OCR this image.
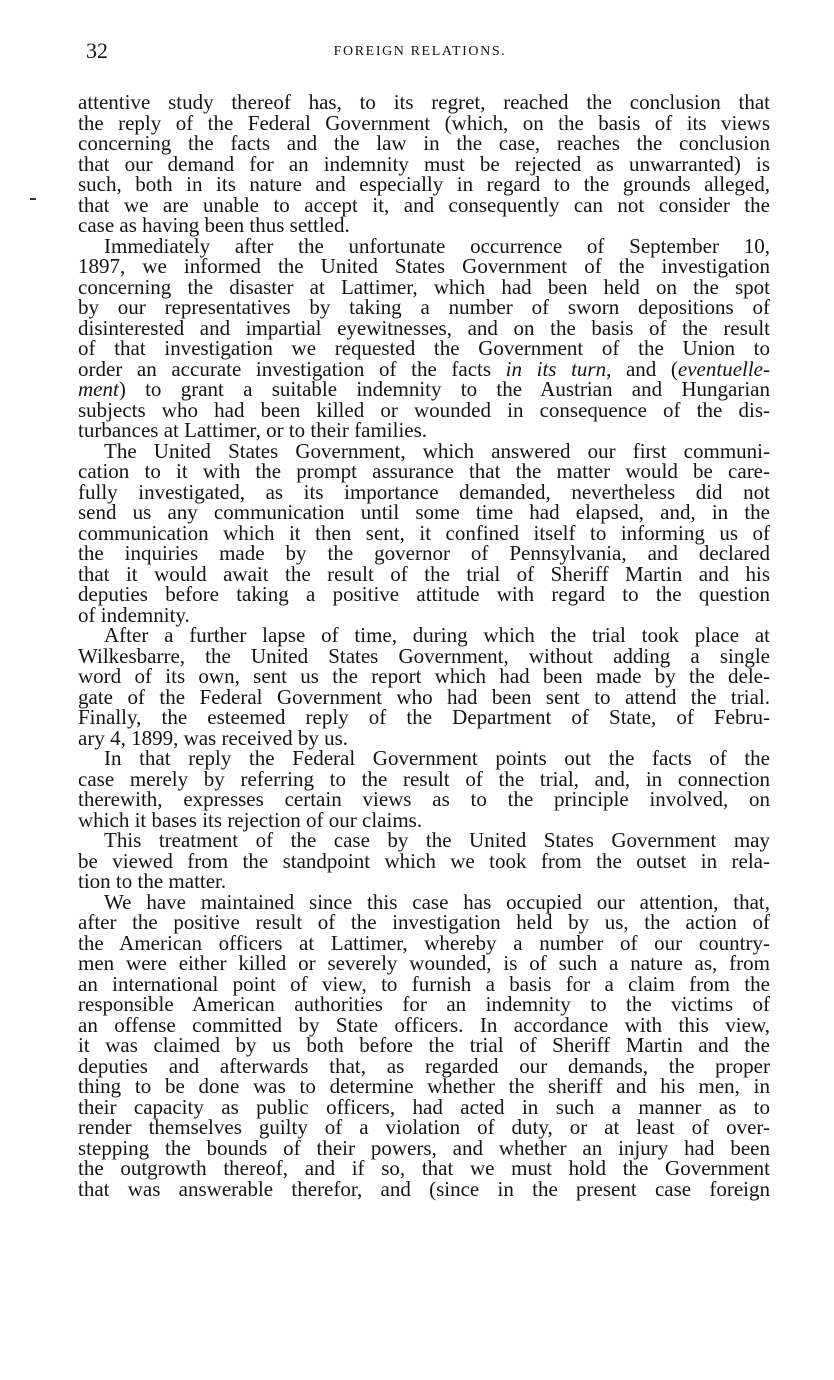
32	FOREIGN RELATIONS.
attentive study thereof has, to its regret, reached the conclusion that
the reply of the Federal Government (which, on the basis of its views
concerning the facts and the law in the case, reaches the conclusion
that our demand for an indemnity must be rejected as unwarranted) is
such, both in its nature and especially in regard to the grounds alleged,
that we are unable to accept it, and consequently can not consider the
case as having been thus settled.
Immediately after the unfortunate occurrence of September 10,
1897, we informed the United States Government of the investigation
concerning the disaster at Lattimer, which had been held on the spot
by our representatives by taking a number of sworn depositions of
disinterested and impartial eyewitnesses, and on the basis of the result
of that investigation we requested the Government of the Union to
order an accurate investigation of the facts in its turn, and (eventuelle-
ment) to grant a suitable indemnity to the Austrian and Hungarian
subjects who had been killed or wounded in consequence of the dis-
turbances at Lattimer, or to their families.
The United States Government, which answered our first communi-
cation to it with the prompt assurance that the matter would be care-
fully investigated, as its importance demanded, nevertheless did not
send us any communication until some time had elapsed, and, in the
communication which it then sent, it confined itself to informing us of
the inquiries made by the governor of Pennsylvania, and declared
that it would await the result of the trial of Sheriff Martin and his
deputies before taking a positive attitude with regard to the question
of indemnity.
After a further lapse of time, during which the trial took place at
Wilkesbarre, the United States Government, without adding a single
word of its own, sent us the report which had been made by the dele-
gate of the Federal Government who had been sent to attend the trial.
Finally, the esteemed reply of the Department of State, of Febru-
ary 4, 1899, was received by us.
In that reply the Federal Government points out the facts of the
case merely by referring to the result of the trial, and, in connection
therewith, expresses certain views as to the principle involved, on
which it bases its rejection of our claims.
This treatment of the case by the United States Government may
be viewed from the standpoint which we took from the outset in rela-
tion to the matter.
We have maintained since this case has occupied our attention, that,
after the positive result of the investigation held by us, the action of
the American officers at Lattimer, whereby a number of our country-
men were either killed or severely wounded, is of such a nature as, from
an international point of view, to furnish a basis for a claim from the
responsible American authorities for an indemnity to the victims of
an offense committed by State officers. In accordance with this view,
it was claimed by us both before the trial of Sheriff Martin and the
deputies and afterwards that, as regarded our demands, the proper
thing to be done was to determine whether the sheriff and his men, in
their capacity as public officers, had acted in such a manner as to
render themselves guilty of a violation of duty, or at least of over-
stepping the bounds of their powers, and whether an injury had been
the outgrowth thereof, and if so, that we must hold the Government
that was answerable therefor, and (since in the present case foreign
